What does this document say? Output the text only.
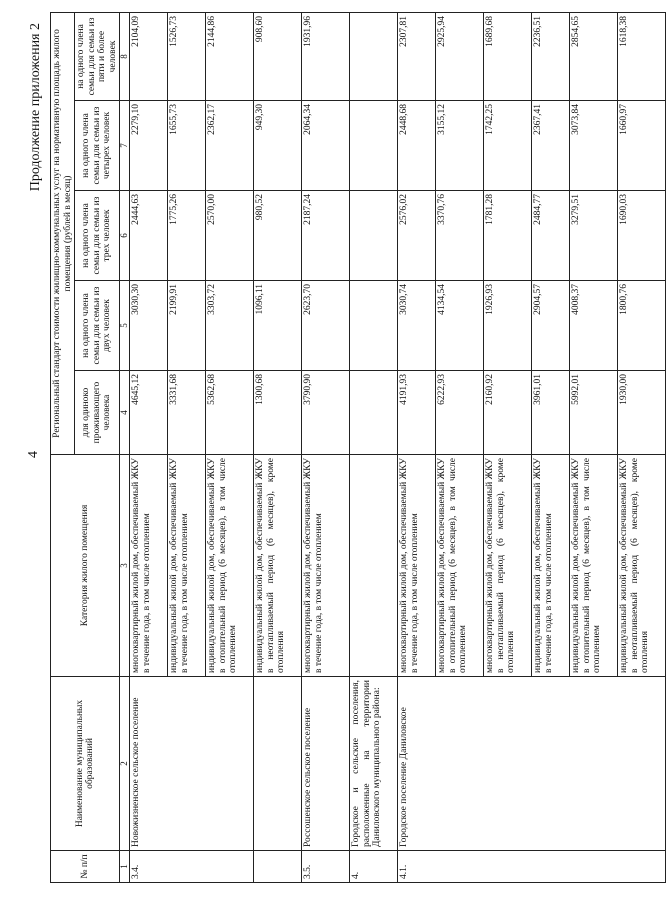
4
Продолжение приложения 2
№ п/п	Наименование муниципальных образований	Категория жилого помещения	Региональный стандарт стоимости жилищно-коммунальных услуг на нормативную площадь жилого помещения (рублей в месяц)				
			для одиноко проживающего человека	на одного члена семьи для семьи из двух человек	на одного члена семьи для семьи из трех человек	на одного члена семьи для семьи из четырех человек	на одного члена семьи для семьи из пяти и более человек
1	2	3	4	5	6	7	8
3.4.	Новожизненское сельское поселение	многоквартирный жилой дом, обеспечиваемый ЖКУ в течение года, в том числе отоплением	4645,12	3030,30	2444,63	2279,10	2104,09
		индивидуальный жилой дом, обеспечиваемый ЖКУ в течение года, в том числе отоплением	3331,68	2199,91	1775,26	1655,73	1526,73
		индивидуальный жилой дом, обеспечиваемый ЖКУ в отопительный период (6 месяцев), в том числе отоплением	5362,68	3303,72	2570,00	2362,17	2144,86
		индивидуальный жилой дом, обеспечиваемый ЖКУ в неотапливаемый период (6 месяцев), кроме отопления	1300,68	1096,11	980,52	949,30	908,60
3.5.	Россошенское сельское поселение	многоквартирный жилой дом, обеспечиваемый ЖКУ в течение года, в том числе отоплением	3790,90	2623,70	2187,24	2064,34	1931,96
4.	Городское и сельские поселения, расположенные на территории Даниловского муниципального района:						
4.1.	Городское поселение Даниловское	многоквартирный жилой дом, обеспечиваемый ЖКУ в течение года, в том числе отоплением	4191,93	3030,74	2576,02	2448,68	2307,81
		многоквартирный жилой дом, обеспечиваемый ЖКУ в отопительный период (6 месяцев), в том числе отоплением	6222,93	4134,54	3370,76	3155,12	2925,94
		многоквартирный жилой дом, обеспечиваемый ЖКУ в неотапливаемый период (6 месяцев), кроме отопления	2160,92	1926,93	1781,28	1742,25	1689,68
		индивидуальный жилой дом, обеспечиваемый ЖКУ в течение года, в том числе отоплением	3961,01	2904,57	2484,77	2367,41	2236,51
		индивидуальный жилой дом, обеспечиваемый ЖКУ в отопительный период (6 месяцев), в том числе отоплением	5992,01	4008,37	3279,51	3073,84	2854,65
		индивидуальный жилой дом, обеспечиваемый ЖКУ в неотапливаемый период (6 месяцев), кроме отопления	1930,00	1800,76	1690,03	1660,97	1618,38
